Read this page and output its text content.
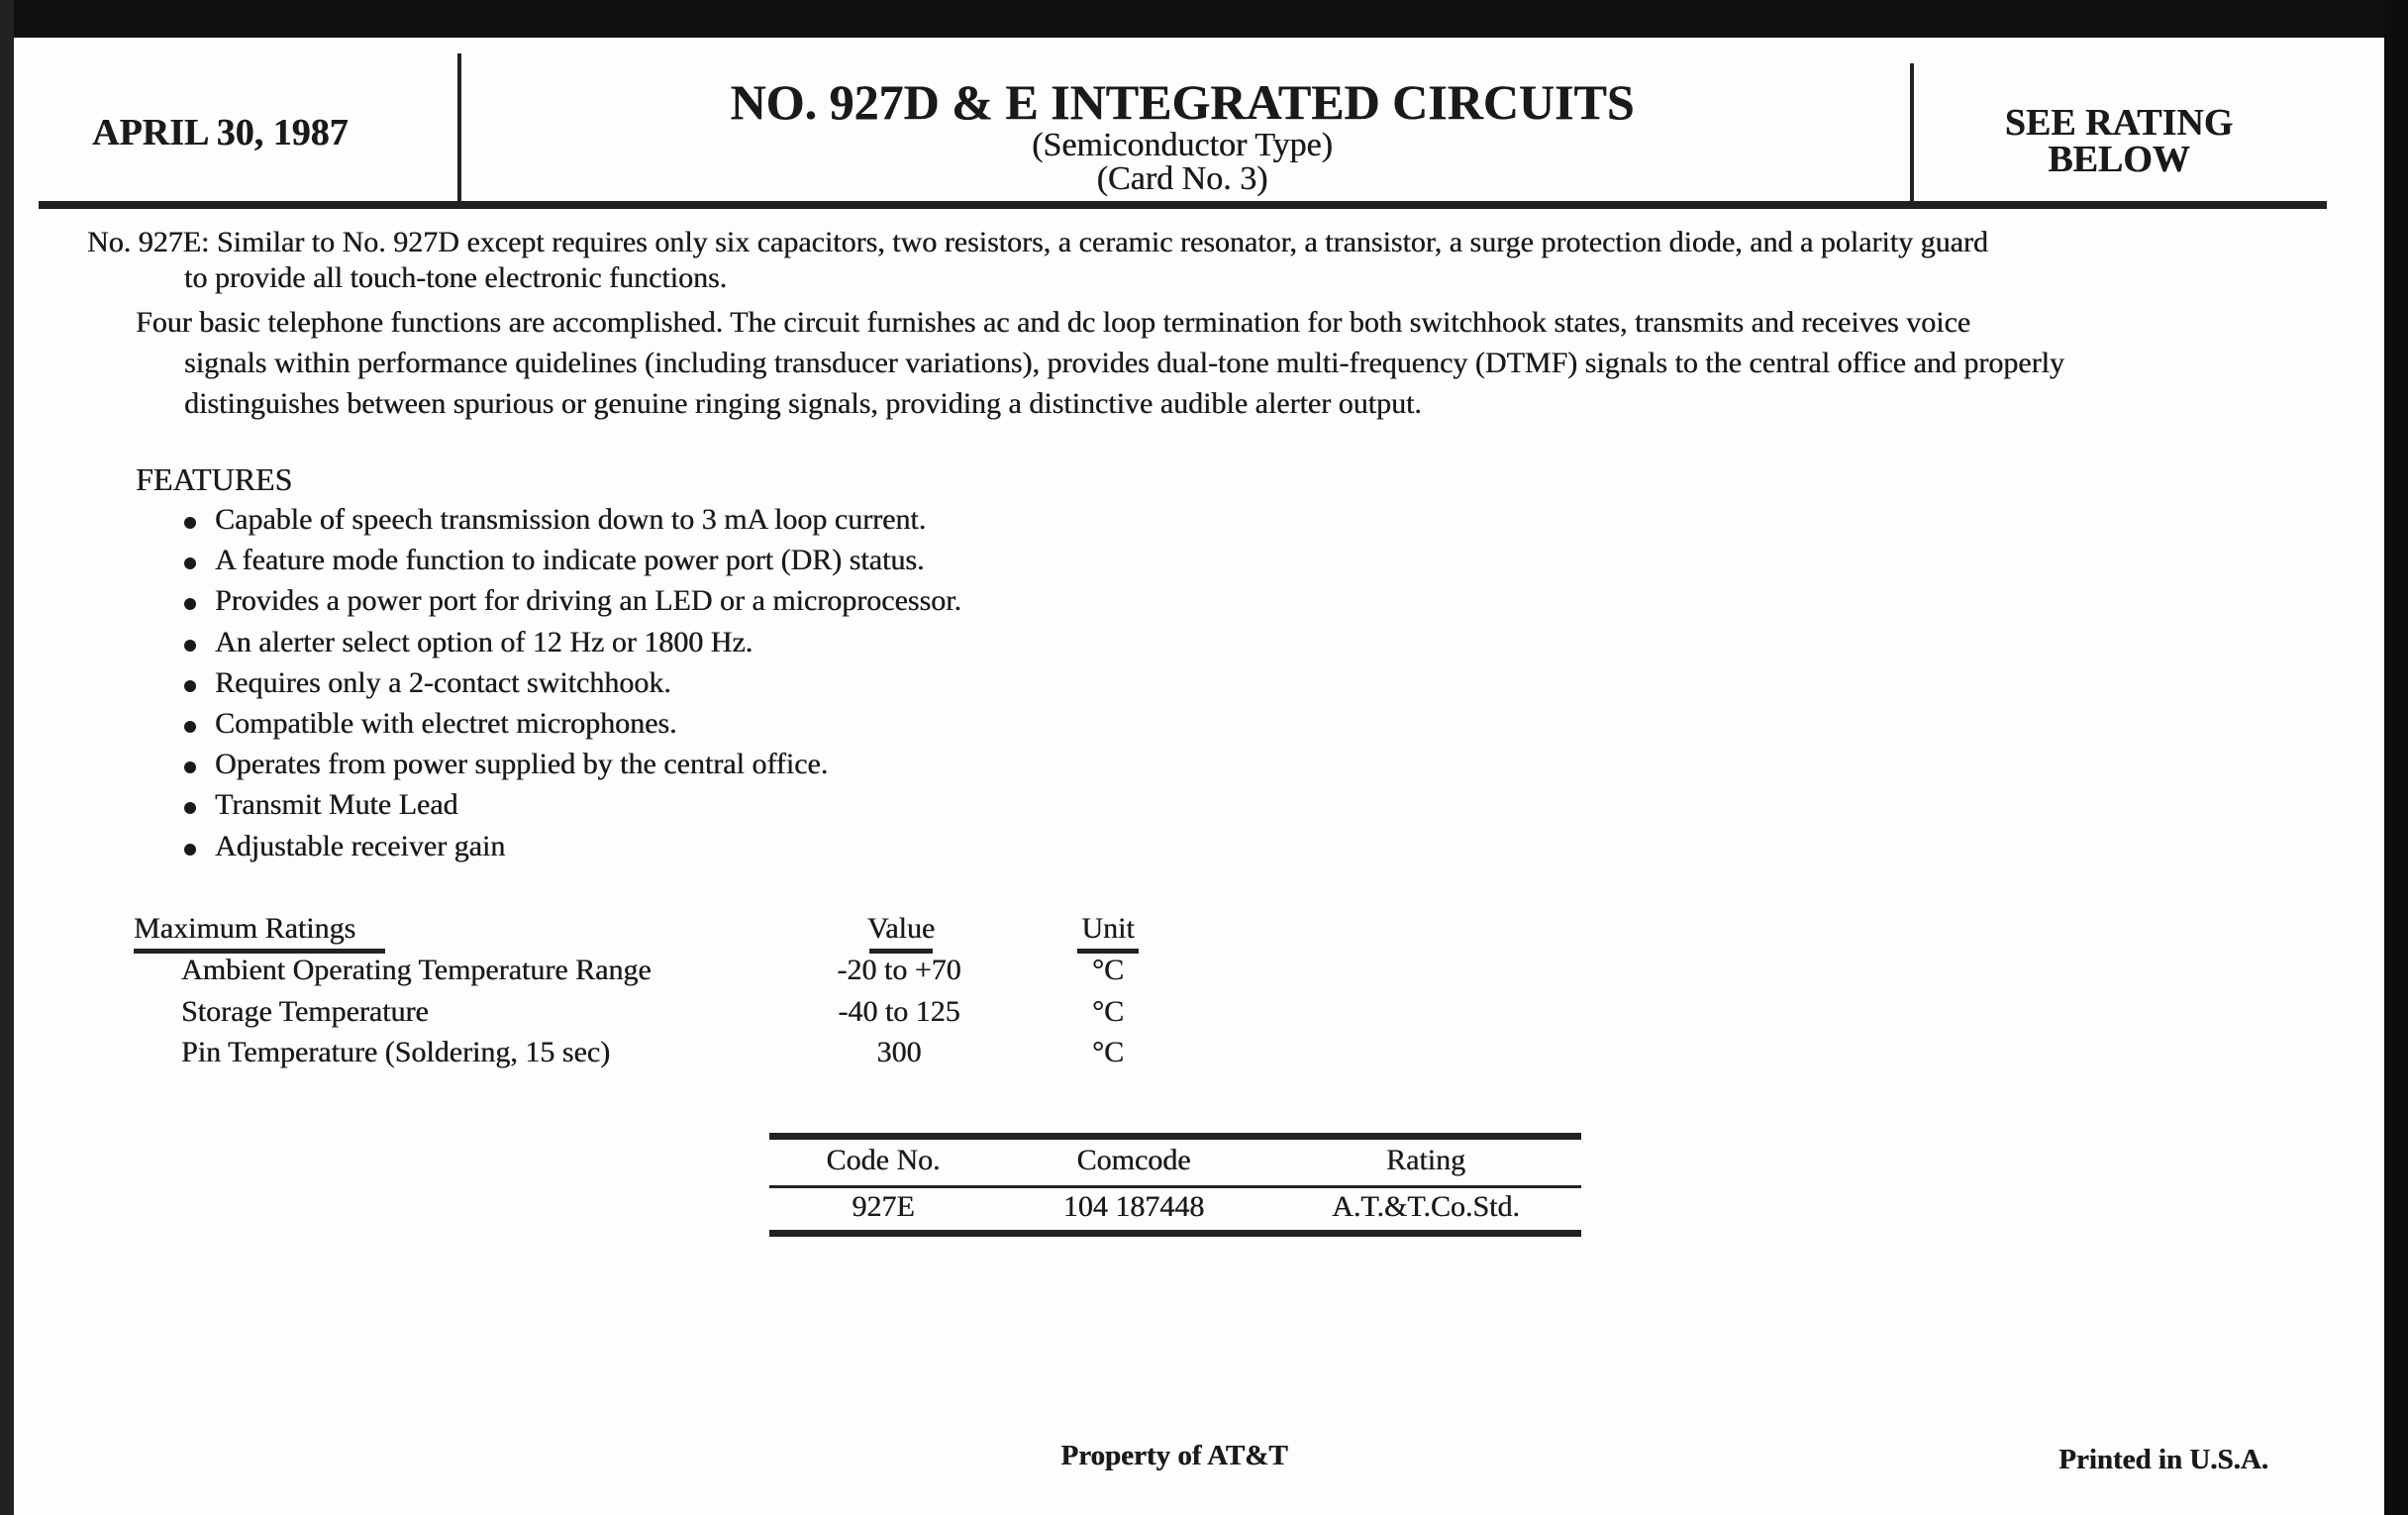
APRIL 30, 1987
NO. 927D & E INTEGRATED CIRCUITS
(Semiconductor Type)
(Card No. 3)
SEE RATING
BELOW
No. 927E: Similar to No. 927D except requires only six capacitors, two resistors, a ceramic resonator, a transistor, a surge protection diode, and a polarity guard
to provide all touch-tone electronic functions.
Four basic telephone functions are accomplished. The circuit furnishes ac and dc loop termination for both switchhook states, transmits and receives voice
signals within performance quidelines (including transducer variations), provides dual-tone multi-frequency (DTMF) signals to the central office and properly
distinguishes between spurious or genuine ringing signals, providing a distinctive audible alerter output.
FEATURES
Capable of speech transmission down to 3 mA loop current.
A feature mode function to indicate power port (DR) status.
Provides a power port for driving an LED or a microprocessor.
An alerter select option of 12 Hz or 1800 Hz.
Requires only a 2-contact switchhook.
Compatible with electret microphones.
Operates from power supplied by the central office.
Transmit Mute Lead
Adjustable receiver gain
Maximum Ratings	Value	Unit
Ambient Operating Temperature Range	-20 to +70	°C
Storage Temperature	-40 to 125	°C
Pin Temperature (Soldering, 15 sec)	300	°C
Code No.	Comcode	Rating
927E	104 187448	A.T.&T.Co.Std.
Property of AT&T	Printed in U.S.A.
